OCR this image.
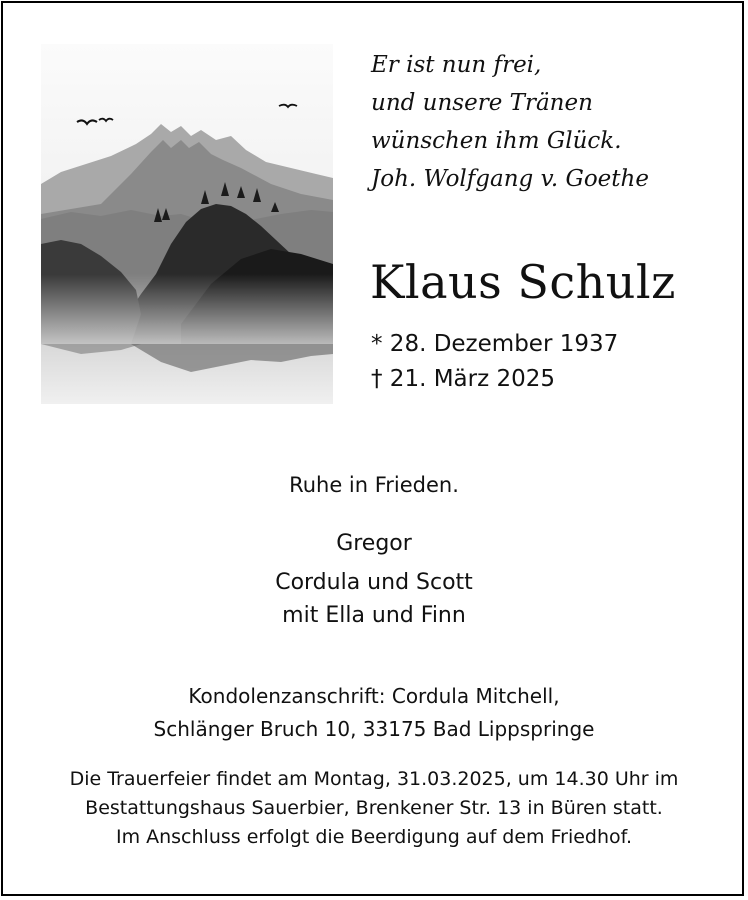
Er ist nun frei,
und unsere Tränen
wünschen ihm Glück.
Joh. Wolfgang v. Goethe
Klaus Schulz
* 28. Dezember 1937
† 21. März 2025
Ruhe in Frieden.
Gregor
Cordula und Scott
mit Ella und Finn
Kondolenzanschrift: Cordula Mitchell,
Schlänger Bruch 10, 33175 Bad Lippspringe
Die Trauerfeier findet am Montag, 31.03.2025, um 14.30 Uhr im
Bestattungshaus Sauerbier, Brenkener Str. 13 in Büren statt.
Im Anschluss erfolgt die Beerdigung auf dem Friedhof.
